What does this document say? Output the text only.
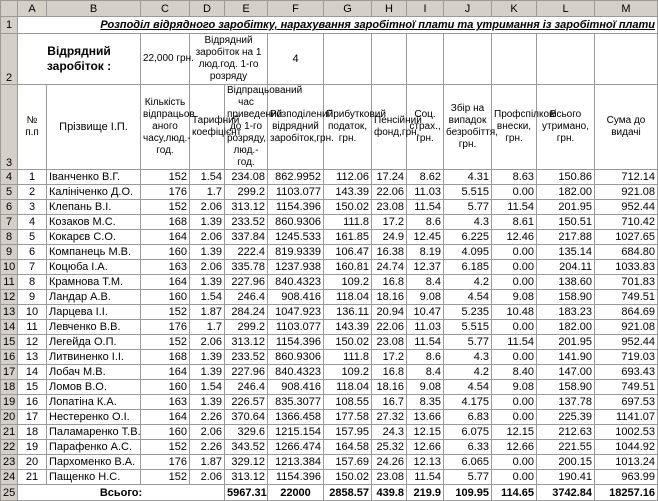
	A	B	C	D	E	F	G	H	I	J	K	L	M
1	Розподіл відрядного заробітку, нарахування заробітної плати та утримання із заробітної плати												
2	Відрядний заробіток :		22,000 грн.	Відрядний заробіток на 1 люд.год. 1-го розряду		4							
3	№ п.п	Прізвище І.П.	Кількість відпрацьов аного часу,люд.-год.	Тарифний коефіцієнт	Відпрацьований час приведений до 1-го розряду, люд.-год.	Розподілений відрядний заробіток,грн.	Прибутковий податок, грн.	Пенсійний фонд,грн.	Соц. страх., грн.	Збір на випадок безробіття, грн.	Профспілкові внески, грн.	Всього утримано, грн.	Сума до видачі
4	1	Іванченко В.Г.	152	1.54	234.08	862.9952	112.06	17.24	8.62	4.31	8.63	150.86	712.14
5	2	Калініченко Д.О.	176	1.7	299.2	1103.077	143.39	22.06	11.03	5.515	0.00	182.00	921.08
6	3	Клепань В.І.	152	2.06	313.12	1154.396	150.02	23.08	11.54	5.77	11.54	201.95	952.44
7	4	Козаков М.С.	168	1.39	233.52	860.9306	111.8	17.2	8.6	4.3	8.61	150.51	710.42
8	5	Кокарєв С.О.	164	2.06	337.84	1245.533	161.85	24.9	12.45	6.225	12.46	217.88	1027.65
9	6	Компанець М.В.	160	1.39	222.4	819.9339	106.47	16.38	8.19	4.095	0.00	135.14	684.80
10	7	Коцюба І.А.	163	2.06	335.78	1237.938	160.81	24.74	12.37	6.185	0.00	204.11	1033.83
11	8	Крамнова Т.М.	164	1.39	227.96	840.4323	109.2	16.8	8.4	4.2	0.00	138.60	701.83
12	9	Ландар А.В.	160	1.54	246.4	908.416	118.04	18.16	9.08	4.54	9.08	158.90	749.51
13	10	Ларцева І.І.	152	1.87	284.24	1047.923	136.11	20.94	10.47	5.235	10.48	183.23	864.69
14	11	Левченко В.В.	176	1.7	299.2	1103.077	143.39	22.06	11.03	5.515	0.00	182.00	921.08
15	12	Легейда О.П.	152	2.06	313.12	1154.396	150.02	23.08	11.54	5.77	11.54	201.95	952.44
16	13	Литвиненко І.І.	168	1.39	233.52	860.9306	111.8	17.2	8.6	4.3	0.00	141.90	719.03
17	14	Лобач М.В.	164	1.39	227.96	840.4323	109.2	16.8	8.4	4.2	8.40	147.00	693.43
18	15	Ломов В.О.	160	1.54	246.4	908.416	118.04	18.16	9.08	4.54	9.08	158.90	749.51
19	16	Лопатіна К.А.	163	1.39	226.57	835.3077	108.55	16.7	8.35	4.175	0.00	137.78	697.53
20	17	Нестеренко О.І.	164	2.26	370.64	1366.458	177.58	27.32	13.66	6.83	0.00	225.39	1141.07
21	18	Паламаренко Т.В.	160	2.06	329.6	1215.154	157.95	24.3	12.15	6.075	12.15	212.63	1002.53
22	19	Парафенко А.С.	152	2.26	343.52	1266.474	164.58	25.32	12.66	6.33	12.66	221.55	1044.92
23	20	Пархоменко В.А.	176	1.87	329.12	1213.384	157.69	24.26	12.13	6.065	0.00	200.15	1013.24
24	21	Пащенко Н.С.	152	2.06	313.12	1154.396	150.02	23.08	11.54	5.77	0.00	190.41	963.99
25	Всього:				5967.31	22000	2858.57	439.8	219.9	109.95	114.65	3742.84	18257.16
